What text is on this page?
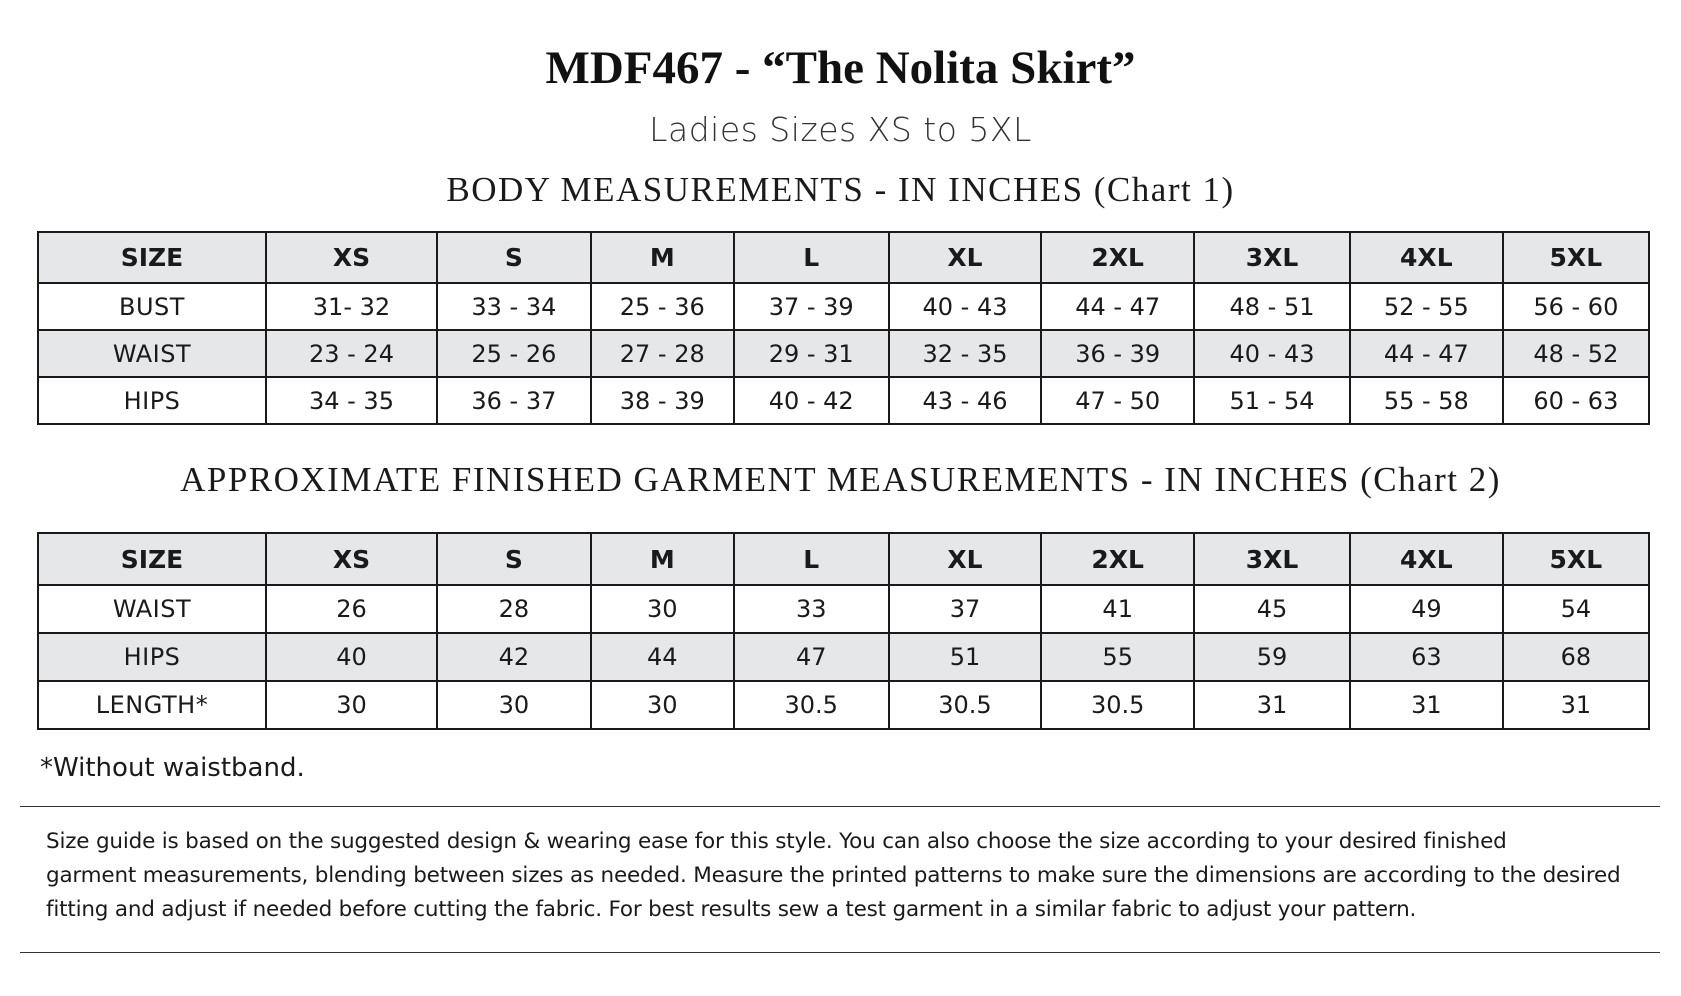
MDF467 - “The Nolita Skirt”
Ladies Sizes XS to 5XL
BODY MEASUREMENTS - IN INCHES (Chart 1)
SIZE	XS	S	M	L	XL	2XL	3XL	4XL	5XL
BUST	31- 32	33 - 34	25 - 36	37 - 39	40 - 43	44 - 47	48 - 51	52 - 55	56 - 60
WAIST	23 - 24	25 - 26	27 - 28	29 - 31	32 - 35	36 - 39	40 - 43	44 - 47	48 - 52
HIPS	34 - 35	36 - 37	38 - 39	40 - 42	43 - 46	47 - 50	51 - 54	55 - 58	60 - 63
APPROXIMATE FINISHED GARMENT MEASUREMENTS - IN INCHES (Chart 2)
SIZE	XS	S	M	L	XL	2XL	3XL	4XL	5XL
WAIST	26	28	30	33	37	41	45	49	54
HIPS	40	42	44	47	51	55	59	63	68
LENGTH*	30	30	30	30.5	30.5	30.5	31	31	31
*Without waistband.
Size guide is based on the suggested design & wearing ease for this style. You can also choose the size according to your desired finished
garment measurements, blending between sizes as needed. Measure the printed patterns to make sure the dimensions are according to the desired
fitting and adjust if needed before cutting the fabric. For best results sew a test garment in a similar fabric to adjust your pattern.
